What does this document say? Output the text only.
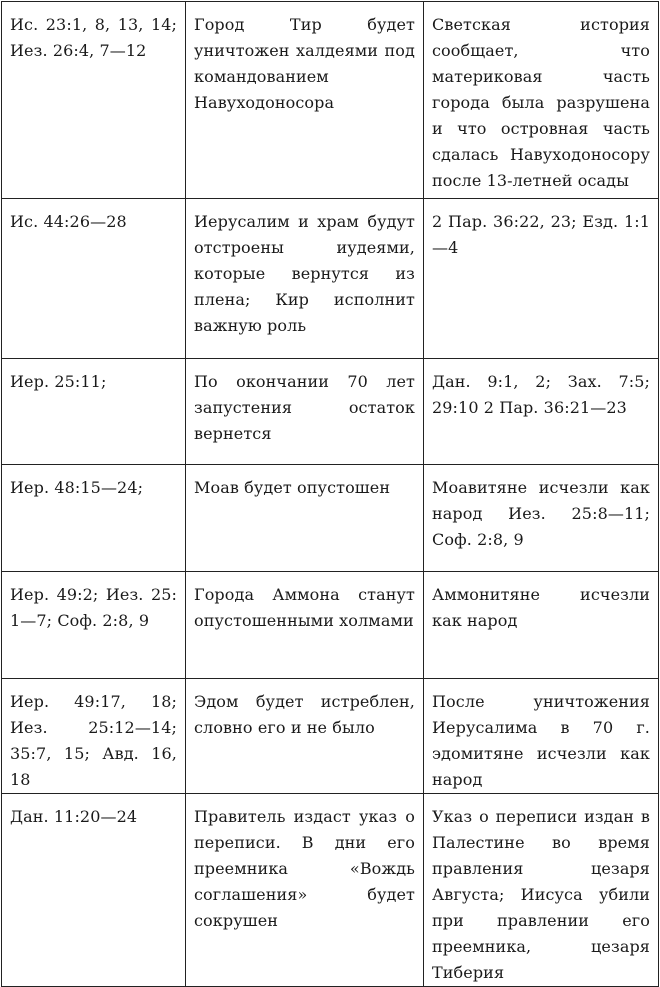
Ис. 23:1, 8, 13, 14; Иез. 26:4, 7—12	Город Тир будет уничтожен халдеями под командованием Навуходоносора	Светская история сообщает, что материковая часть города была разрушена и что островная часть сдалась Навуходоносору после 13-летней осады

Ис. 44:26—28	Иерусалим и храм будут отстроены иудеями, которые вернутся из плена; Кир исполнит важную роль	2 Пар. 36:22, 23; Езд. 1:1—4

Иер. 25:11;	По окончании 70 лет запустения остаток вернется	Дан. 9:1, 2; Зах. 7:5; 29:10 2 Пар. 36:21—23

Иер. 48:15—24;	Моав будет опустошен	Моавитяне исчезли как народ Иез. 25:8—11; Соф. 2:8, 9

Иер. 49:2; Иез. 25: 1—7; Соф. 2:8, 9	Города Аммона станут опустошенными холмами	Аммонитяне исчезли как народ

Иер. 49:17, 18; Иез. 25:12—14; 35:7, 15; Авд. 16, 18	Эдом будет истреблен, словно его и не было	После уничтожения Иерусалима в 70 г. эдомитяне исчезли как народ

Дан. 11:20—24	Правитель издаст указ о переписи. В дни его преемника «Вождь соглашения» будет сокрушен	Указ о переписи издан в Палестине во время правления цезаря Августа; Иисуса убили при правлении его преемника, цезаря Тиберия
